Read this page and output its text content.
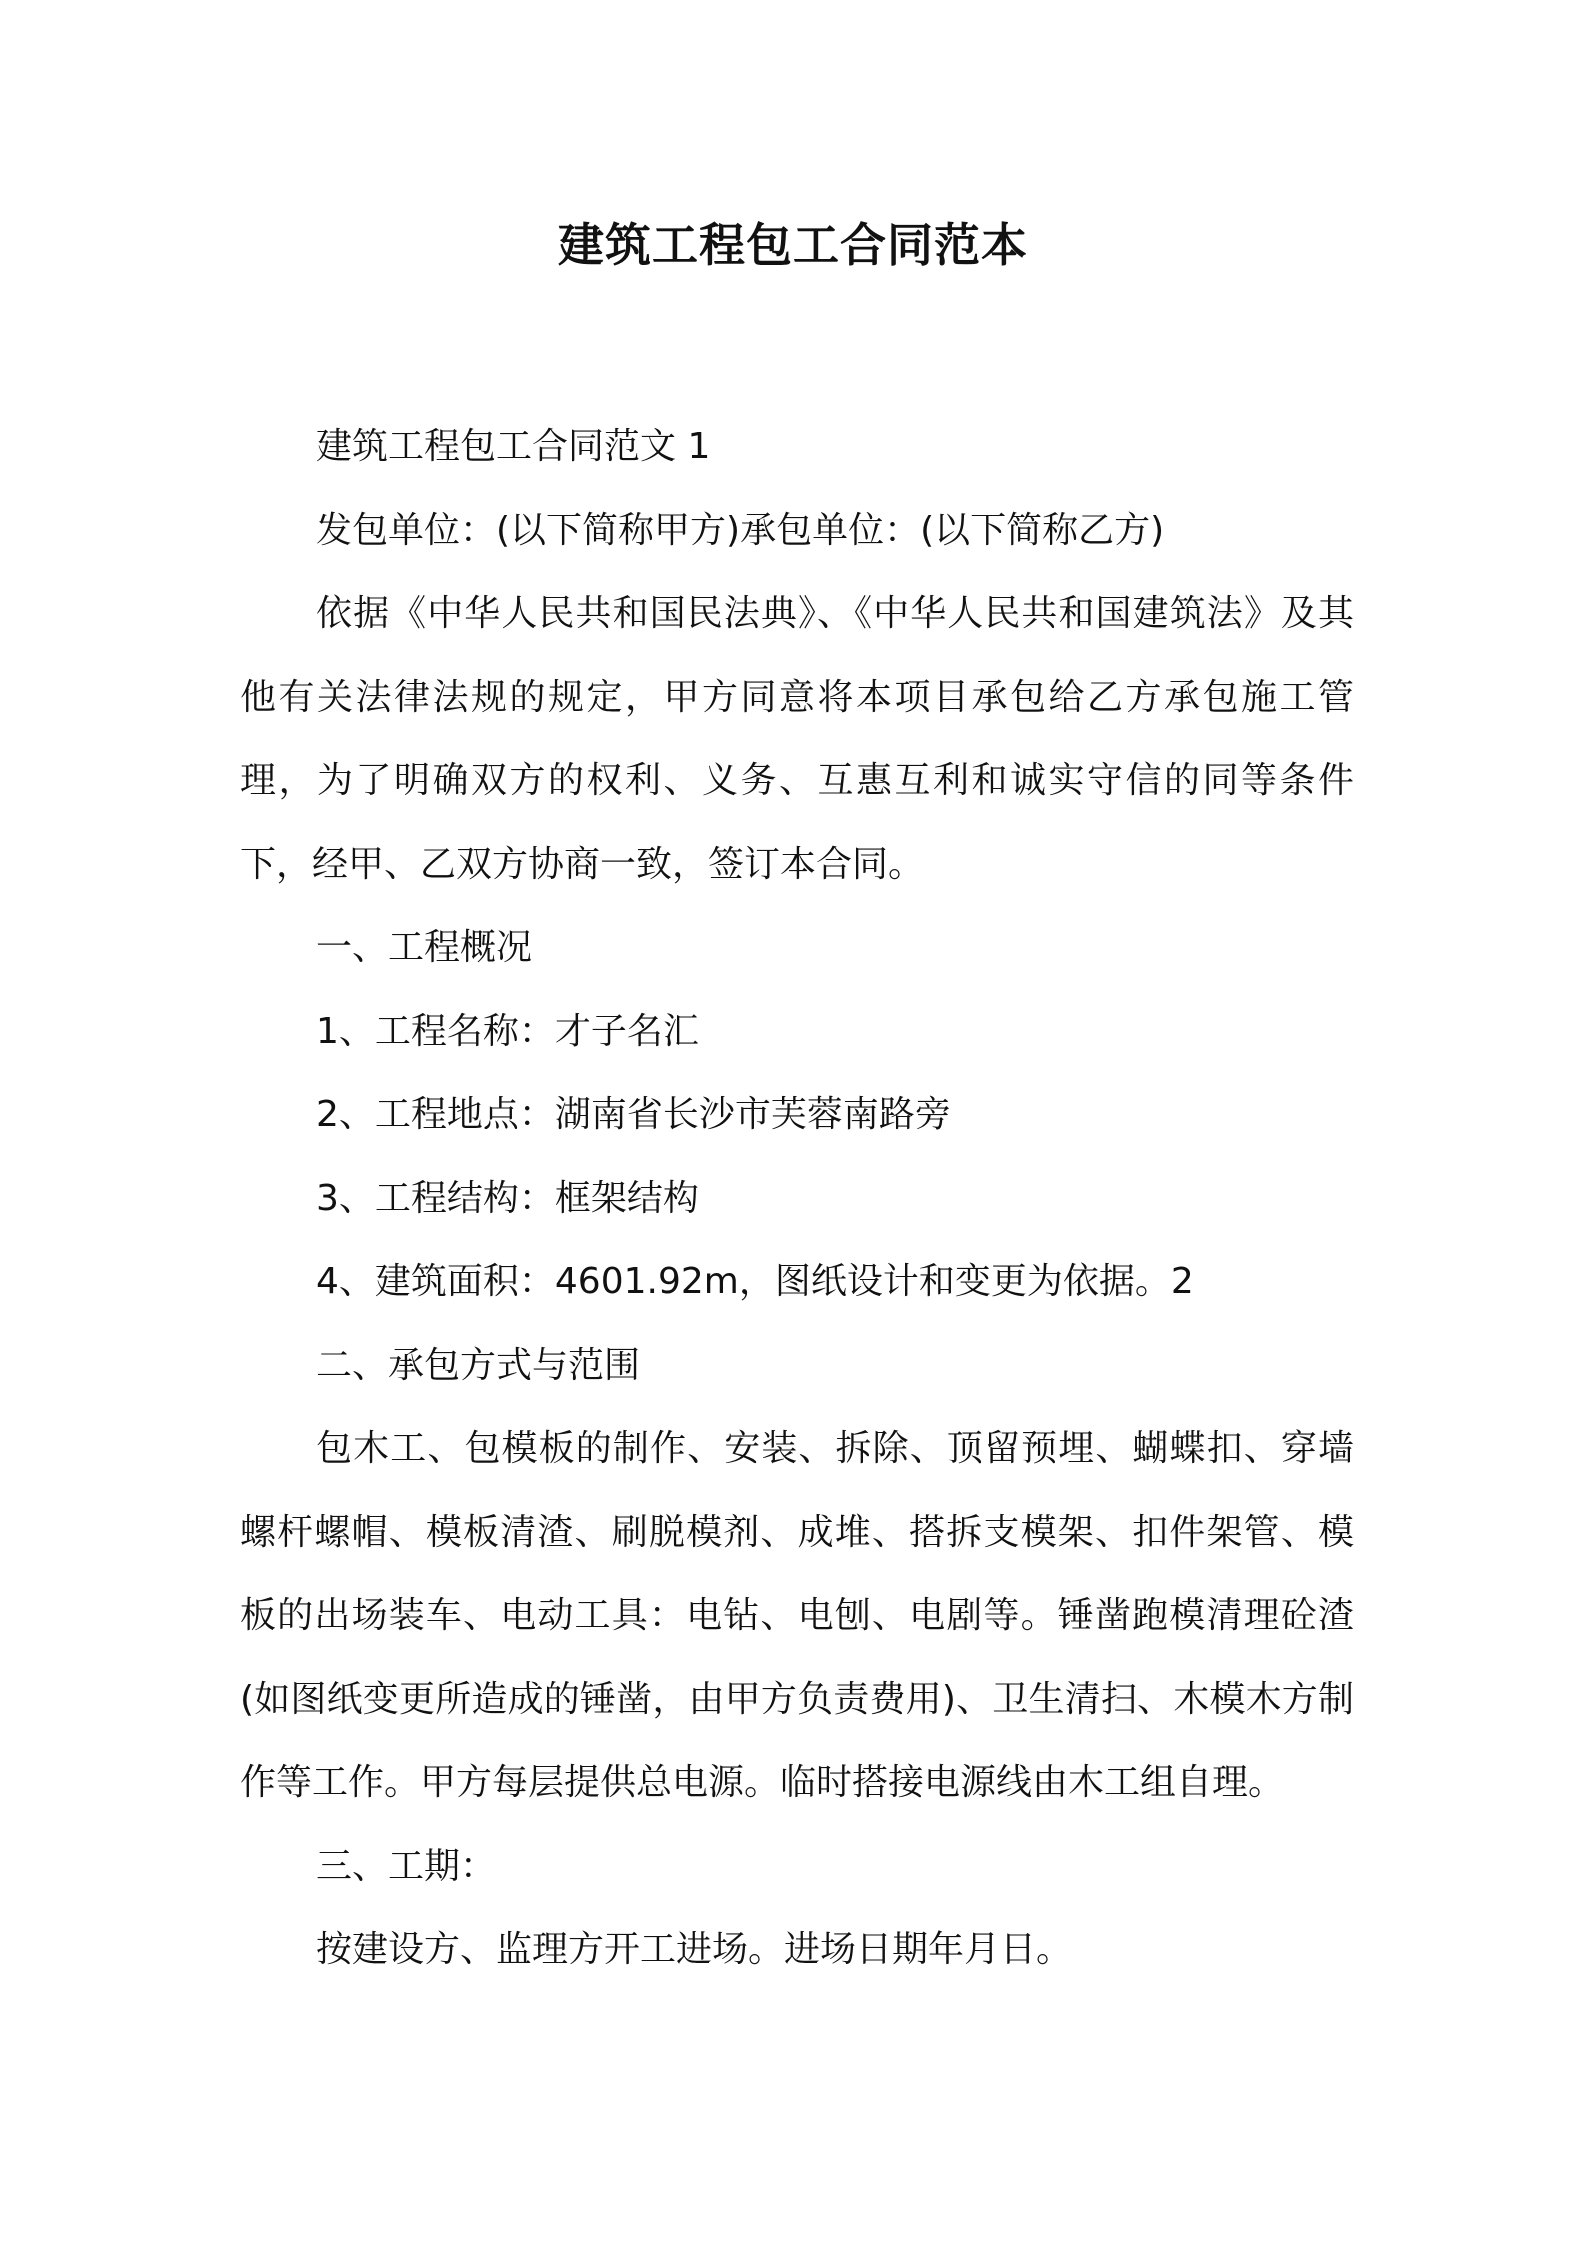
建筑工程包工合同范本

建筑工程包工合同范文 1

发包单位：(以下简称甲方)承包单位：(以下简称乙方)

依据《中华人民共和国民法典》、《中华人民共和国建筑法》及其他有关法律法规的规定，甲方同意将本项目承包给乙方承包施工管理，为了明确双方的权利、义务、互惠互利和诚实守信的同等条件下，经甲、乙双方协商一致，签订本合同。

一、工程概况

1、工程名称：才子名汇

2、工程地点：湖南省长沙市芙蓉南路旁

3、工程结构：框架结构

4、建筑面积：4601.92m，图纸设计和变更为依据。2

二、承包方式与范围

包木工、包模板的制作、安装、拆除、顶留预埋、蝴蝶扣、穿墙螺杆螺帽、模板清渣、刷脱模剂、成堆、搭拆支模架、扣件架管、模板的出场装车、电动工具：电钻、电刨、电剧等。锤凿跑模清理砼渣(如图纸变更所造成的锤凿，由甲方负责费用)、卫生清扫、木模木方制作等工作。甲方每层提供总电源。临时搭接电源线由木工组自理。

三、工期：

按建设方、监理方开工进场。进场日期年月日。
